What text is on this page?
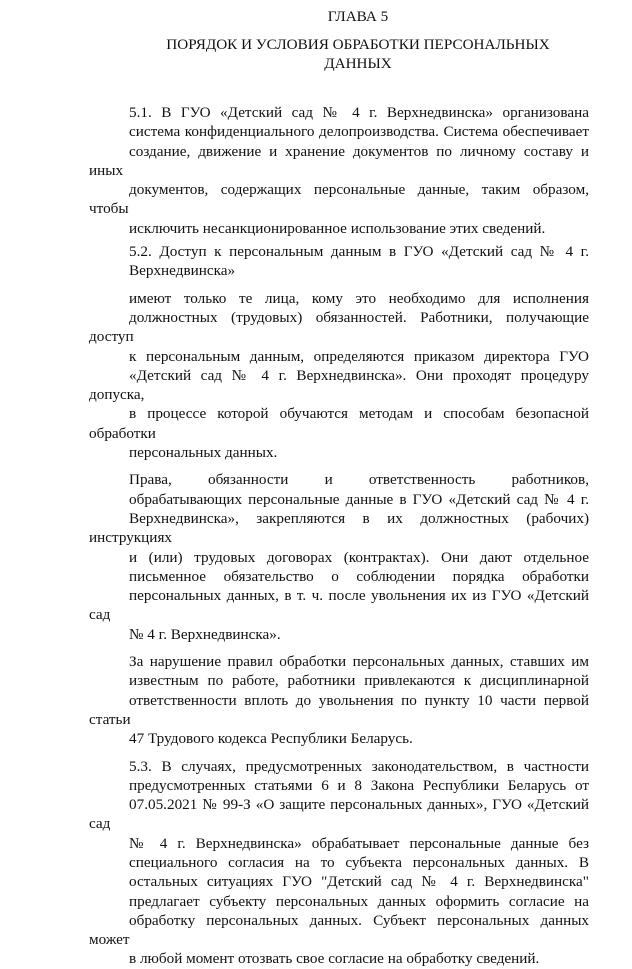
ГЛАВА 5
ПОРЯДОК И УСЛОВИЯ ОБРАБОТКИ ПЕРСОНАЛЬНЫХ
ДАННЫХ

5.1. В ГУО «Детский сад № 4 г. Верхнедвинска» организована
система конфиденциального делопроизводства. Система обеспечивает
создание, движение и хранение документов по личному составу и иных
документов, содержащих персональные данные, таким образом, чтобы
исключить несанкционированное использование этих сведений.

5.2. Доступ к персональным данным в ГУО «Детский сад № 4 г.
Верхнедвинска»

имеют только те лица, кому это необходимо для исполнения
должностных (трудовых) обязанностей. Работники, получающие доступ
к персональным данным, определяются приказом директора ГУО
«Детский сад № 4 г. Верхнедвинска». Они проходят процедуру допуска,
в процессе которой обучаются методам и способам безопасной обработки
персональных данных.

Права, обязанности и ответственность работников,
обрабатывающих персональные данные в ГУО «Детский сад № 4 г.
Верхнедвинска», закрепляются в их должностных (рабочих) инструкциях
и (или) трудовых договорах (контрактах). Они дают отдельное
письменное обязательство о соблюдении порядка обработки
персональных данных, в т. ч. после увольнения их из ГУО «Детский сад
№ 4 г. Верхнедвинска».

За нарушение правил обработки персональных данных, ставших им
известным по работе, работники привлекаются к дисциплинарной
ответственности вплоть до увольнения по пункту 10 части первой статьи
47 Трудового кодекса Республики Беларусь.

5.3. В случаях, предусмотренных законодательством, в частности
предусмотренных статьями 6 и 8 Закона Республики Беларусь от
07.05.2021 № 99-З «О защите персональных данных», ГУО «Детский сад
№ 4 г. Верхнедвинска» обрабатывает персональные данные без
специального согласия на то субъекта персональных данных. В
остальных ситуациях ГУО "Детский сад № 4 г. Верхнедвинска"
предлагает субъекту персональных данных оформить согласие на
обработку персональных данных. Субъект персональных данных может
в любой момент отозвать свое согласие на обработку сведений.
